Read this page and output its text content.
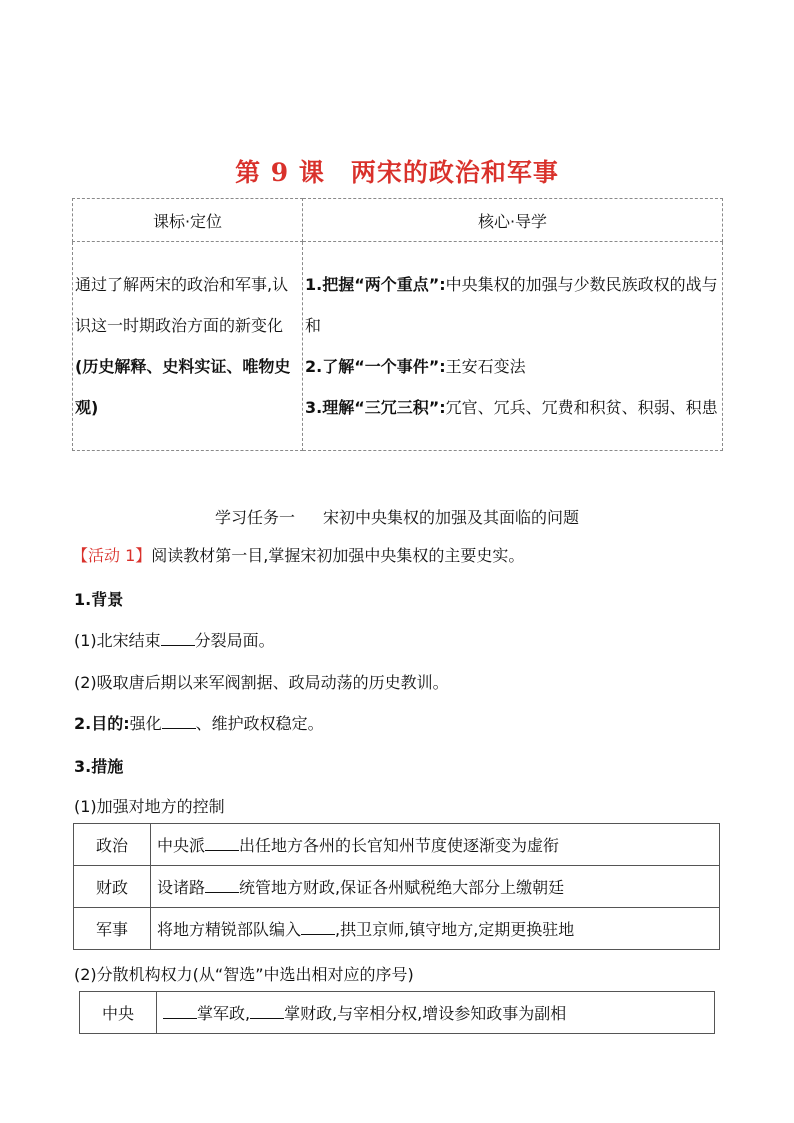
第 9 课　两宋的政治和军事
课标·定位	核心·导学
通过了解两宋的政治和军事,认识这一时期政治方面的新变化(历史解释、史料实证、唯物史观)	1.把握“两个重点”:中央集权的加强与少数民族政权的战与和
2.了解“一个事件”:王安石变法
3.理解“三冗三积”:冗官、冗兵、冗费和积贫、积弱、积患
学习任务一 宋初中央集权的加强及其面临的问题
【活动 1】阅读教材第一目,掌握宋初加强中央集权的主要史实。
1.背景
(1)北宋结束 分裂局面。
(2)吸取唐后期以来军阀割据、政局动荡的历史教训。
2.目的:强化 、维护政权稳定。
3.措施
(1)加强对地方的控制
政治	中央派 出任地方各州的长官知州节度使逐渐变为虚衔
财政	设诸路 统管地方财政,保证各州赋税绝大部分上缴朝廷
军事	将地方精锐部队编入 ,拱卫京师,镇守地方,定期更换驻地
(2)分散机构权力(从“智选”中选出相对应的序号)
中央	掌军政, 掌财政,与宰相分权,增设参知政事为副相
